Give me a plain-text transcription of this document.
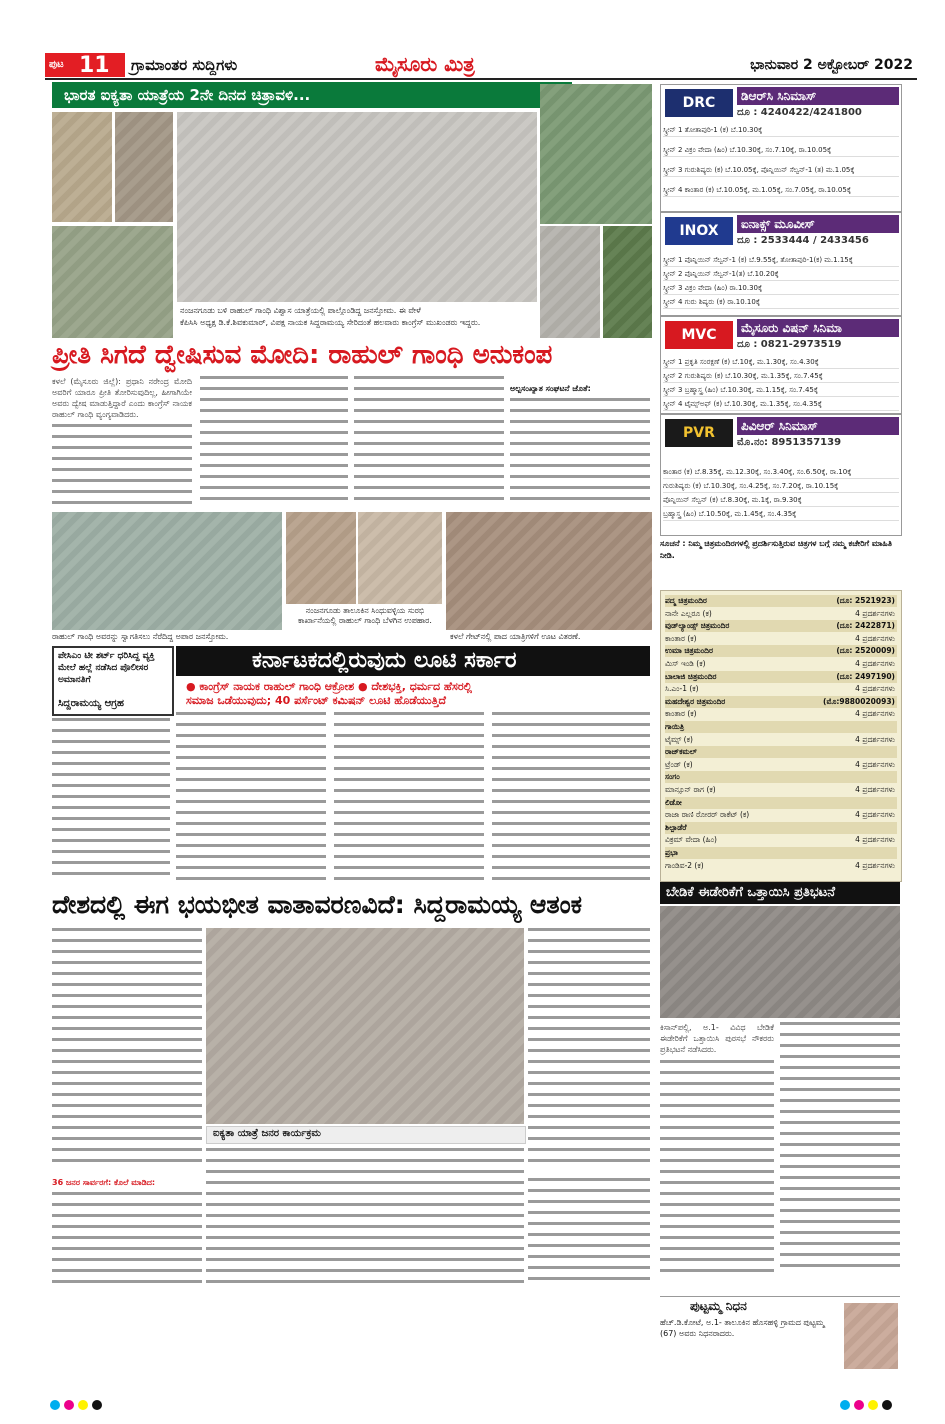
ಪುಟ 11 ಗ್ರಾಮಾಂತರ ಸುದ್ದಿಗಳು	ಮೈಸೂರು ಮಿತ್ರ	ಭಾನುವಾರ 2 ಅಕ್ಟೋಬರ್ 2022
ಭಾರತ ಐಕ್ಯತಾ ಯಾತ್ರೆಯ 2ನೇ ದಿನದ ಚಿತ್ರಾವಳಿ...
ನಂಜನಗೂಡು ಬಳಿ ರಾಹುಲ್ ಗಾಂಧಿ ವಿಶ್ವಾಸ ಯಾತ್ರೆಯಲ್ಲಿ ಪಾಲ್ಗೊಂಡಿದ್ದ ಜನಸ್ತೋಮ. ಈ ವೇಳೆ
ಕೆಪಿಸಿಸಿ ಅಧ್ಯಕ್ಷ ಡಿ.ಕೆ.ಶಿವಕುಮಾರ್, ವಿಪಕ್ಷ ನಾಯಕ ಸಿದ್ದರಾಮಯ್ಯ ಸೇರಿದಂತೆ ಹಲವಾರು ಕಾಂಗ್ರೆಸ್ ಮುಖಂಡರು ಇದ್ದರು.
ಪ್ರೀತಿ ಸಿಗದೆ ದ್ವೇಷಿಸುವ ಮೋದಿ: ರಾಹುಲ್ ಗಾಂಧಿ ಅನುಕಂಪ
ಕಳಲೆ (ಮೈಸೂರು ಜಿಲ್ಲೆ): ಪ್ರಧಾನಿ ನರೇಂದ್ರ ಮೋದಿ ಅವರಿಗೆ ಯಾರೂ ಪ್ರೀತಿ ತೋರಿಸುವುದಿಲ್ಲ, ಹೀಗಾಗಿಯೇ ಅವರು ದ್ವೇಷ ಮಾಡುತ್ತಿದ್ದಾರೆ ಎಂದು ಕಾಂಗ್ರೆಸ್ ನಾಯಕ ರಾಹುಲ್ ಗಾಂಧಿ ವ್ಯಂಗ್ಯವಾಡಿದರು.
ಅಲ್ಪಸಂಖ್ಯಾತ ಸಂಘಟನೆ ಜೊತೆ:
ರಾಹುಲ್ ಗಾಂಧಿ ಅವರನ್ನು ಸ್ವಾಗತಿಸಲು ನೆರೆದಿದ್ದ ಅಪಾರ ಜನಸ್ತೋಮ.
ನಂಜನಗೂಡು ತಾಲೂಕಿನ ಸಿಂಧುವಳ್ಳಿಯ ಸುರಭಿ ಕಾರ್ಖಾನೆಯಲ್ಲಿ ರಾಹುಲ್ ಗಾಂಧಿ ಬೆಳಗಿನ ಉಪಹಾರ.
ಕಳಲೆ ಗೇಟ್‌ನಲ್ಲಿ ಪಾದ ಯಾತ್ರಿಗಳಿಗೆ ಊಟ ವಿತರಣೆ.
ಪೇಸಿಎಂ ಟೀ ಶರ್ಟ್ ಧರಿಸಿದ್ದ ವ್ಯಕ್ತಿ ಮೇಲೆ ಹಲ್ಲೆ ನಡೆಸಿದ ಪೊಲೀಸರ ಅಮಾನತಿಗೆ
ಸಿದ್ದರಾಮಯ್ಯ ಆಗ್ರಹ
ಕರ್ನಾಟಕದಲ್ಲಿರುವುದು ಲೂಟಿ ಸರ್ಕಾರ
● ಕಾಂಗ್ರೆಸ್ ನಾಯಕ ರಾಹುಲ್ ಗಾಂಧಿ ಆಕ್ರೋಶ ● ದೇಶಭಕ್ತಿ, ಧರ್ಮದ ಹೆಸರಲ್ಲಿ
ಸಮಾಜ ಒಡೆಯುವುದು; 40 ಪರ್ಸೆಂಟ್ ಕಮಿಷನ್ ಲೂಟಿ ಹೊಡೆಯುತ್ತಿದೆ
ದೇಶದಲ್ಲಿ ಈಗ ಭಯಭೀತ ವಾತಾವರಣವಿದೆ: ಸಿದ್ದರಾಮಯ್ಯ ಆತಂಕ
ಐಕ್ಯತಾ ಯಾತ್ರೆ ಜನರ ಕಾರ್ಯಕ್ರಮ
36 ಜನರ ಸಾರ್ವರಗೆ: ಕೊಲೆ ಮಾಡಿದ:
DRC	ಡಿಆರ್‌ಸಿ ಸಿನಿಮಾಸ್
ದೂ : 4240422/4241800
ಸ್ಕ್ರೀನ್ 1 ತೋತಾಪುರಿ-1 (ಕ) ಬೆ.10.30ಕ್ಕೆ
ಸ್ಕ್ರೀನ್ 2 ವಿಕ್ರಂ ವೇದಾ (ಹಿಂ) ಬೆ.10.30ಕ್ಕೆ, ಸಂ.7.10ಕ್ಕೆ, ರಾ.10.05ಕ್ಕೆ
ಸ್ಕ್ರೀನ್ 3 ಗುರುಶಿಷ್ಯರು (ಕ) ಬೆ.10.05ಕ್ಕೆ, ಪೊನ್ನಿಯಿನ್ ಸೆಲ್ವನ್-1 (ತ) ಮ.1.05ಕ್ಕೆ
ಸ್ಕ್ರೀನ್ 4 ಕಾಂತಾರ (ಕ) ಬೆ.10.05ಕ್ಕೆ, ಮ.1.05ಕ್ಕೆ, ಸಂ.7.05ಕ್ಕೆ, ರಾ.10.05ಕ್ಕೆ
INOX	ಐನಾಕ್ಸ್ ಮೂವೀಸ್
ದೂ : 2533444 / 2433456
ಸ್ಕ್ರೀನ್ 1 ಪೊನ್ನಿಯಿನ್ ಸೆಲ್ವನ್-1 (ಕ) ಬೆ.9.55ಕ್ಕೆ, ತೋತಾಪುರಿ-1(ಕ) ಮ.1.15ಕ್ಕೆ
ಸ್ಕ್ರೀನ್ 2 ಪೊನ್ನಿಯಿನ್ ಸೆಲ್ವನ್-1(ತ) ಬೆ.10.20ಕ್ಕೆ
ಸ್ಕ್ರೀನ್ 3 ವಿಕ್ರಂ ವೇದಾ (ಹಿಂ) ರಾ.10.30ಕ್ಕೆ
ಸ್ಕ್ರೀನ್ 4 ಗುರು ಶಿಷ್ಯರು (ಕ) ರಾ.10.10ಕ್ಕೆ
MVC	ಮೈಸೂರು ವಿಷನ್ ಸಿನಿಮಾ
ದೂ : 0821-2973519
ಸ್ಕ್ರೀನ್ 1 ಪ್ರಕೃತಿ ಸಂರಕ್ಷಣೆ (ಕ) ಬೆ.10ಕ್ಕೆ, ಮ.1.30ಕ್ಕೆ, ಸಂ.4.30ಕ್ಕೆ
ಸ್ಕ್ರೀನ್ 2 ಗುರುಶಿಷ್ಯರು (ಕ) ಬೆ.10.30ಕ್ಕೆ, ಮ.1.35ಕ್ಕೆ, ಸಂ.7.45ಕ್ಕೆ
ಸ್ಕ್ರೀನ್ 3 ಬ್ರಹ್ಮಾಸ್ತ್ರ (ಹಿಂ) ಬೆ.10.30ಕ್ಕೆ, ಮ.1.15ಕ್ಕೆ, ಸಂ.7.45ಕ್ಕೆ
ಸ್ಕ್ರೀನ್ 4 ಟೈಮ್ಸ್‌ಅಫ್ (ಕ) ಬೆ.10.30ಕ್ಕೆ, ಮ.1.35ಕ್ಕೆ, ಸಂ.4.35ಕ್ಕೆ
PVR	ಪಿವಿಆರ್ ಸಿನಿಮಾಸ್
ಮೊ.ನಂ: 8951357139
ಕಾಂತಾರ (ಕ) ಬೆ.8.35ಕ್ಕೆ, ಮ.12.30ಕ್ಕೆ, ಸಂ.3.40ಕ್ಕೆ, ಸಂ.6.50ಕ್ಕೆ, ರಾ.10ಕ್ಕೆ
ಗುರುಶಿಷ್ಯರು (ಕ) ಬೆ.10.30ಕ್ಕೆ, ಸಂ.4.25ಕ್ಕೆ, ಸಂ.7.20ಕ್ಕೆ, ರಾ.10.15ಕ್ಕೆ
ಪೊನ್ನಿಯಿನ್ ಸೆಲ್ವನ್ (ಕ) ಬೆ.8.30ಕ್ಕೆ, ಮ.1ಕ್ಕೆ, ರಾ.9.30ಕ್ಕೆ
ಬ್ರಹ್ಮಾಸ್ತ್ರ (ಹಿಂ) ಬೆ.10.50ಕ್ಕೆ, ಮ.1.45ಕ್ಕೆ, ಸಂ.4.35ಕ್ಕೆ
ಸೂಚನೆ : ನಿಮ್ಮ ಚಿತ್ರಮಂದಿರಗಳಲ್ಲಿ ಪ್ರದರ್ಶಿಸುತ್ತಿರುವ ಚಿತ್ರಗಳ ಬಗ್ಗೆ ನಮ್ಮ ಕಚೇರಿಗೆ ಮಾಹಿತಿ ನೀಡಿ.
ಪದ್ಮ ಚಿತ್ರಮಂದಿರ	(ದೂ: 2521923)
ನಾನೇ ಎಲ್ಲರೂ (ಕ)	4 ಪ್ರದರ್ಶನಗಳು
ವುಡ್‌ಲ್ಯಾಂಡ್ಸ್ ಚಿತ್ರಮಂದಿರ	(ದೂ: 2422871)
ಕಾಂತಾರ (ಕ)	4 ಪ್ರದರ್ಶನಗಳು
ಉಮಾ ಚಿತ್ರಮಂದಿರ	(ದೂ: 2520009)
ಮಿಸ್ ಇಂಡಿ (ಕ)	4 ಪ್ರದರ್ಶನಗಳು
ಬಾಲಾಜಿ ಚಿತ್ರಮಂದಿರ	(ದೂ: 2497190)
ಸಿ.ಎಂ-1 (ಕ)	4 ಪ್ರದರ್ಶನಗಳು
ಮಹದೇಶ್ವರ ಚಿತ್ರಮಂದಿರ	(ಮೊ:9880020093)
ಕಾಂತಾರ (ಕ)	4 ಪ್ರದರ್ಶನಗಳು
ಗಾಯಿತ್ರಿ
ಟೈಮ್ಸ್ (ಕ)	4 ಪ್ರದರ್ಶನಗಳು
ರಾಜ್‌ಕಮಲ್
ಟ್ರೆಂಡ್ (ಕ)	4 ಪ್ರದರ್ಶನಗಳು
ಸಂಗಂ
ಮಾನ್ಸೂನ್ ರಾಗ (ಕ)	4 ಪ್ರದರ್ಶನಗಳು
ಲಿಡೋ
ರಾಜಾ ರಾಣಿ ರೋರರ್ ರಾಕೆಟ್ (ಕ)	4 ಪ್ರದರ್ಶನಗಳು
ಶಿಲ್ಪಾಡೆರೆ
ವಿಕ್ರಮ್ ವೇದಾ (ಹಿಂ)	4 ಪ್ರದರ್ಶನಗಳು
ಪ್ರಭಾ
ಗಾಂಡಿವ-2 (ಕ)	4 ಪ್ರದರ್ಶನಗಳು
ಬೇಡಿಕೆ ಈಡೇರಿಕೆಗೆ ಒತ್ತಾಯಿಸಿ ಪ್ರತಿಭಟನೆ
ಕಿಸಾನ್‌ಪಲ್ಲಿ, ಅ.1- ವಿವಿಧ ಬೇಡಿಕೆ ಈಡೇರಿಕೆಗೆ ಒತ್ತಾಯಿಸಿ ಪುರಸಭೆ ನೌಕರರು ಪ್ರತಿಭಟನೆ ನಡೆಸಿದರು.
ಪುಟ್ಟಮ್ಮ ನಿಧನ
ಹೆಚ್.ಡಿ.ಕೋಟೆ, ಅ.1- ತಾಲೂಕಿನ ಹೊಸಹಳ್ಳಿ ಗ್ರಾಮದ ಪುಟ್ಟಮ್ಮ (67) ಅವರು ನಿಧನರಾದರು.
